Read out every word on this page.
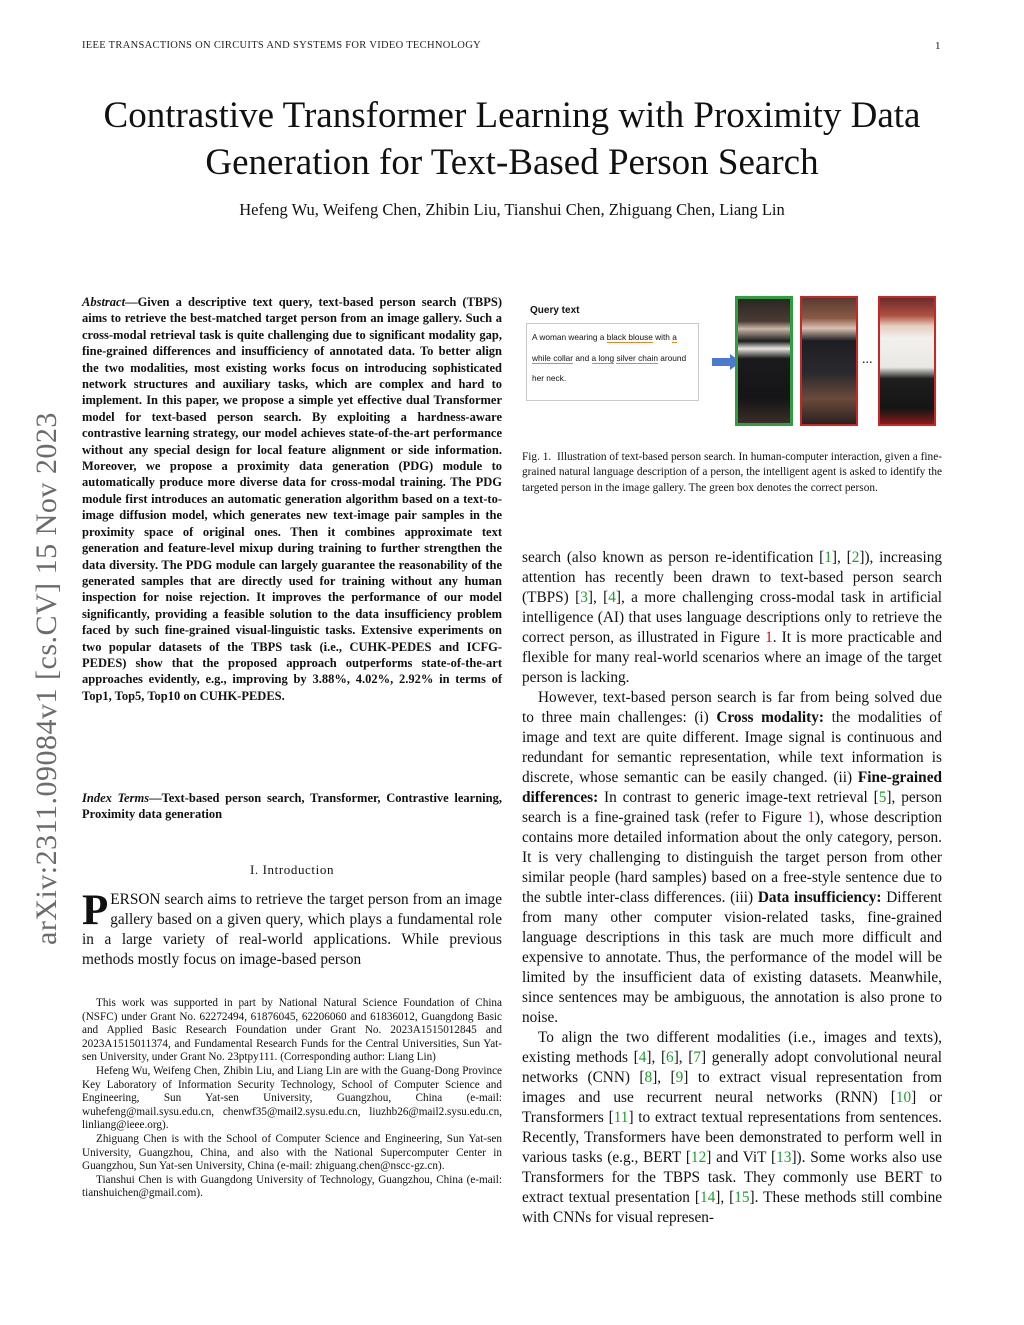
IEEE TRANSACTIONS ON CIRCUITS AND SYSTEMS FOR VIDEO TECHNOLOGY	1
Contrastive Transformer Learning with Proximity Data Generation for Text-Based Person Search
Hefeng Wu, Weifeng Chen, Zhibin Liu, Tianshui Chen, Zhiguang Chen, Liang Lin
arXiv:2311.09084v1 [cs.CV] 15 Nov 2023
Abstract—Given a descriptive text query, text-based person search (TBPS) aims to retrieve the best-matched target person from an image gallery. Such a cross-modal retrieval task is quite challenging due to significant modality gap, fine-grained differences and insufficiency of annotated data. To better align the two modalities, most existing works focus on introducing sophisticated network structures and auxiliary tasks, which are complex and hard to implement. In this paper, we propose a simple yet effective dual Transformer model for text-based person search. By exploiting a hardness-aware contrastive learning strategy, our model achieves state-of-the-art performance without any special design for local feature alignment or side information. Moreover, we propose a proximity data generation (PDG) module to automatically produce more diverse data for cross-modal training. The PDG module first introduces an automatic generation algorithm based on a text-to-image diffusion model, which generates new text-image pair samples in the proximity space of original ones. Then it combines approximate text generation and feature-level mixup during training to further strengthen the data diversity. The PDG module can largely guarantee the reasonability of the generated samples that are directly used for training without any human inspection for noise rejection. It improves the performance of our model significantly, providing a feasible solution to the data insufficiency problem faced by such fine-grained visual-linguistic tasks. Extensive experiments on two popular datasets of the TBPS task (i.e., CUHK-PEDES and ICFG-PEDES) show that the proposed approach outperforms state-of-the-art approaches evidently, e.g., improving by 3.88%, 4.02%, 2.92% in terms of Top1, Top5, Top10 on CUHK-PEDES.
Index Terms—Text-based person search, Transformer, Contrastive learning, Proximity data generation
I. Introduction
PERSON search aims to retrieve the target person from an image gallery based on a given query, which plays a fundamental role in a large variety of real-world applications. While previous methods mostly focus on image-based person

This work was supported in part by National Natural Science Foundation of China (NSFC) under Grant No. 62272494, 61876045, 62206060 and 61836012, Guangdong Basic and Applied Basic Research Foundation under Grant No. 2023A1515012845 and 2023A1515011374, and Fundamental Research Funds for the Central Universities, Sun Yat-sen University, under Grant No. 23ptpy111. (Corresponding author: Liang Lin)

Hefeng Wu, Weifeng Chen, Zhibin Liu, and Liang Lin are with the Guang-Dong Province Key Laboratory of Information Security Technology, School of Computer Science and Engineering, Sun Yat-sen University, Guangzhou, China (e-mail: wuhefeng@mail.sysu.edu.cn, chenwf35@mail2.sysu.edu.cn, liuzhb26@mail2.sysu.edu.cn, linliang@ieee.org).

Zhiguang Chen is with the School of Computer Science and Engineering, Sun Yat-sen University, Guangzhou, China, and also with the National Supercomputer Center in Guangzhou, Sun Yat-sen University, China (e-mail: zhiguang.chen@nscc-gz.cn).

Tianshui Chen is with Guangdong University of Technology, Guangzhou, China (e-mail: tianshuichen@gmail.com).

Query text
A woman wearing a black blouse with a while collar and a long silver chain around her neck.
...
Fig. 1. Illustration of text-based person search. In human-computer interaction, given a fine-grained natural language description of a person, the intelligent agent is asked to identify the targeted person in the image gallery. The green box denotes the correct person.

search (also known as person re-identification [1], [2]), increasing attention has recently been drawn to text-based person search (TBPS) [3], [4], a more challenging cross-modal task in artificial intelligence (AI) that uses language descriptions only to retrieve the correct person, as illustrated in Figure 1. It is more practicable and flexible for many real-world scenarios where an image of the target person is lacking.

However, text-based person search is far from being solved due to three main challenges: (i) Cross modality: the modalities of image and text are quite different. Image signal is continuous and redundant for semantic representation, while text information is discrete, whose semantic can be easily changed. (ii) Fine-grained differences: In contrast to generic image-text retrieval [5], person search is a fine-grained task (refer to Figure 1), whose description contains more detailed information about the only category, person. It is very challenging to distinguish the target person from other similar people (hard samples) based on a free-style sentence due to the subtle inter-class differences. (iii) Data insufficiency: Different from many other computer vision-related tasks, fine-grained language descriptions in this task are much more difficult and expensive to annotate. Thus, the performance of the model will be limited by the insufficient data of existing datasets. Meanwhile, since sentences may be ambiguous, the annotation is also prone to noise.

To align the two different modalities (i.e., images and texts), existing methods [4], [6], [7] generally adopt convolutional neural networks (CNN) [8], [9] to extract visual representation from images and use recurrent neural networks (RNN) [10] or Transformers [11] to extract textual representations from sentences. Recently, Transformers have been demonstrated to perform well in various tasks (e.g., BERT [12] and ViT [13]). Some works also use Transformers for the TBPS task. They commonly use BERT to extract textual presentation [14], [15]. These methods still combine with CNNs for visual represen-
